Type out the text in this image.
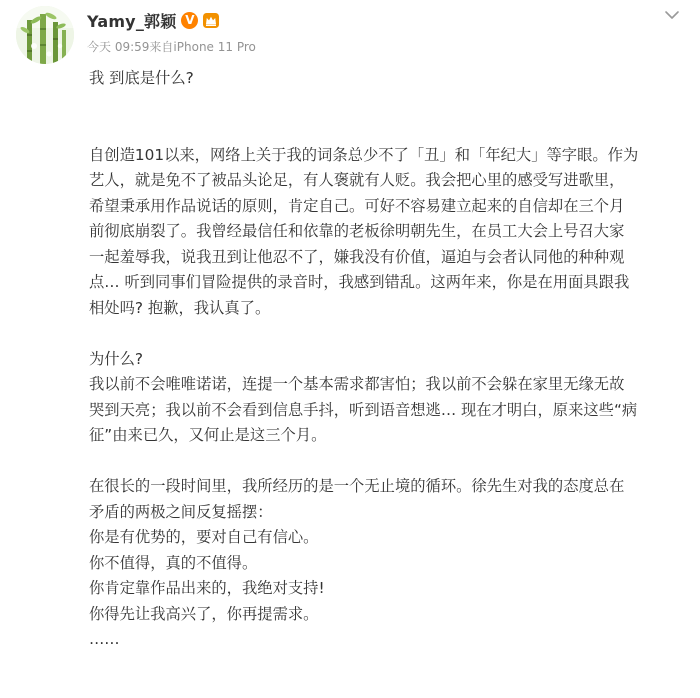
Yamy_郭颖 V
今天 09:59来自iPhone 11 Pro

我 到底是什么?

自创造101以来，网络上关于我的词条总少不了「丑」和「年纪大」等字眼。作为
艺人，就是免不了被品头论足，有人褒就有人贬。我会把心里的感受写进歌里，
希望秉承用作品说话的原则，肯定自己。可好不容易建立起来的自信却在三个月
前彻底崩裂了。我曾经最信任和依靠的老板徐明朝先生，在员工大会上号召大家
一起羞辱我，说我丑到让他忍不了，嫌我没有价值，逼迫与会者认同他的种种观
点… 听到同事们冒险提供的录音时，我感到错乱。这两年来，你是在用面具跟我
相处吗? 抱歉，我认真了。

为什么?
我以前不会唯唯诺诺，连提一个基本需求都害怕；我以前不会躲在家里无缘无故
哭到天亮；我以前不会看到信息手抖，听到语音想逃… 现在才明白，原来这些“病
征”由来已久，又何止是这三个月。

在很长的一段时间里，我所经历的是一个无止境的循环。徐先生对我的态度总在
矛盾的两极之间反复摇摆：
你是有优势的，要对自己有信心。
你不值得，真的不值得。
你肯定靠作品出来的，我绝对支持!
你得先让我高兴了，你再提需求。
……
